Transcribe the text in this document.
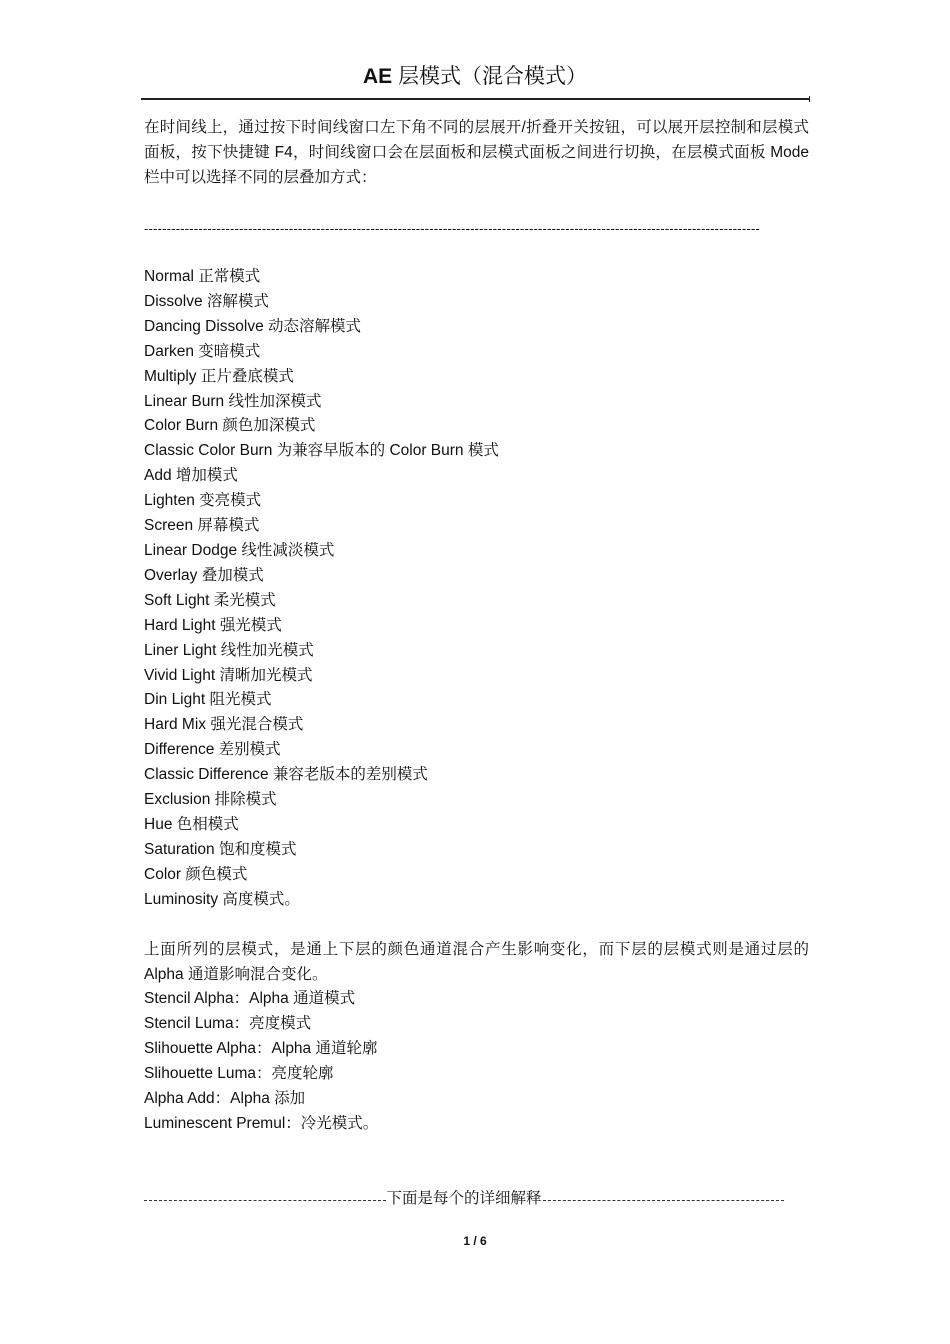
AE 层模式（混合模式）

在时间线上，通过按下时间线窗口左下角不同的层展开/折叠开关按钮，可以展开层控制和层模式面板，按下快捷键 F4，时间线窗口会在层面板和层模式面板之间进行切换，在层模式面板 Mode 栏中可以选择不同的层叠加方式：

----------------------------------------------------------------------------------------------------------------------------------------
Normal 正常模式
Dissolve 溶解模式
Dancing Dissolve 动态溶解模式
Darken 变暗模式
Multiply 正片叠底模式
Linear Burn 线性加深模式
Color Burn 颜色加深模式
Classic Color Burn 为兼容早版本的 Color Burn 模式
Add 增加模式
Lighten 变亮模式
Screen 屏幕模式
Linear Dodge 线性减淡模式
Overlay 叠加模式
Soft Light 柔光模式
Hard Light 强光模式
Liner Light 线性加光模式
Vivid Light 清晰加光模式
Din Light 阻光模式
Hard Mix 强光混合模式
Difference 差别模式
Classic Difference 兼容老版本的差别模式
Exclusion 排除模式
Hue 色相模式
Saturation 饱和度模式
Color 颜色模式
Luminosity 高度模式。

上面所列的层模式，是通上下层的颜色通道混合产生影响变化，而下层的层模式则是通过层的 Alpha 通道影响混合变化。

Stencil Alpha：Alpha 通道模式
Stencil Luma：亮度模式
Slihouette Alpha：Alpha 通道轮廓
Slihouette Luma：亮度轮廓
Alpha Add：Alpha 添加
Luminescent Premul：冷光模式。
下面是每个的详细解释
1 / 6
